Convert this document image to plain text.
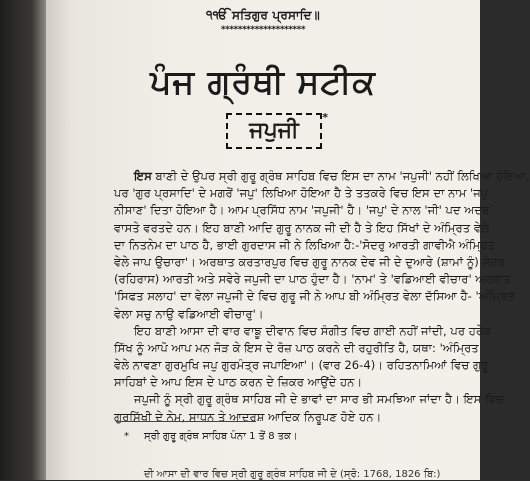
੧ੴ ਸਤਿਗੁਰ ਪ੍ਰਸਾਦਿ॥
********************
ਪੰਜ ਗ੍ਰੰਥੀ ਸਟੀਕ
ਜਪੁਜੀ
*
ਇਸ ਬਾਣੀ ਦੇ ਉਪਰ ਸ੍ਰੀ ਗੁਰੂ ਗ੍ਰੰਥ ਸਾਹਿਬ ਵਿਚ ਇਸ ਦਾ ਨਾਮ 'ਜਪੁਜੀ' ਨਹੀਂ ਲਿਖਿਆ ਹੋਇਆ,
ਪਰ 'ਗੁਰ ਪ੍ਰਸਾਦਿ' ਦੇ ਮਗਰੋਂ 'ਜਪੁ' ਲਿਖਿਆ ਹੋਇਆ ਹੈ ਤੇ ਤਤਕਰੇ ਵਿਚ ਇਸ ਦਾ ਨਾਮ 'ਜਪੁ
ਨੀਸਾਣ' ਦਿਤਾ ਹੋਇਆ ਹੈ। ਆਮ ਪ੍ਰਸਿੱਧ ਨਾਮ 'ਜਪੁਜੀ' ਹੈ। 'ਜਪੁ' ਦੇ ਨਾਲ 'ਜੀ' ਪਦ ਅਦਬ
ਵਾਸਤੇ ਵਰਤਦੇ ਹਨ। ਇਹ ਬਾਣੀ ਆਦਿ ਗੁਰੂ ਨਾਨਕ ਜੀ ਦੀ ਹੈ ਤੇ ਇਹ ਸਿੱਖਾਂ ਦੇ ਅੰਮ੍ਰਿਤ ਵੇਲੇ
ਦਾ ਨਿਤਨੇਮ ਦਾ ਪਾਠ ਹੈ, ਭਾਈ ਗੁਰਦਾਸ ਜੀ ਨੇ ਲਿਖਿਆ ਹੈ:-'ਸੋਦਰੁ ਆਰਤੀ ਗਾਵੀਐ ਅੰਮ੍ਰਿਤ
ਵੇਲੇ ਜਾਪ ਉਚਾਰਾ'। ਅਰਥਾਤ ਕਰਤਾਰਪੁਰ ਵਿਚ ਗੁਰੂ ਨਾਨਕ ਦੇਵ ਜੀ ਦੇ ਦੁਆਰੇ (ਸ਼ਾਮਾਂ ਨੂੰ) ਸੋਦਰ
(ਰਹਿਰਾਸ) ਆਰਤੀ ਅਤੇ ਸਵੇਰੇ ਜਪੁਜੀ ਦਾ ਪਾਠ ਹੁੰਦਾ ਹੈ। 'ਨਾਮ' ਤੇ 'ਵਡਿਆਈ ਵੀਚਾਰ' ਅਰਥਾਤ
'ਸਿਫਤ ਸਲਾਹ' ਦਾ ਵੇਲਾ ਜਪੁਜੀ ਦੇ ਵਿਚ ਗੁਰੂ ਜੀ ਨੇ ਆਪ ਬੀ ਅੰਮ੍ਰਿਤ ਵੇਲਾ ਦੱਸਿਆ ਹੈ- 'ਅੰਮ੍ਰਿਤ
ਵੇਲਾ ਸਚੁ ਨਾਉ ਵਡਿਆਈ ਵੀਚਾਰੁ'।
ਇਹ ਬਾਣੀ ਆਸਾ ਦੀ ਵਾਰ ਵਾਙੂ ਦੀਵਾਨ ਵਿਚ ਸੰਗੀਤ ਵਿਚ ਗਾਈ ਨਹੀਂ ਜਾਂਦੀ, ਪਰ ਹਰੇਕ
ਸਿੱਖ ਨੂੰ ਆਪੋ ਆਪ ਮਨ ਜੋੜ ਕੇ ਇਸ ਦੇ ਰੋਜ਼ ਪਾਠ ਕਰਨੇ ਦੀ ਰਹੁਰੀਤਿ ਹੈ, ਯਥਾ: 'ਅੰਮ੍ਰਿਤ
ਵੇਲੇ ਨਾਵਣਾ ਗੁਰਮੁਖਿ ਜਪੁ ਗੁਰਮੰਤ੍ਰ ਜਪਾਇਆ'। (ਵਾਰ 26-4)। ਰਹਿਤਨਾਮਿਆਂ ਵਿਚ ਗੁਰੂ
ਸਾਹਿਬਾਂ ਦੇ ਆਪ ਇਸ ਦੇ ਪਾਠ ਕਰਨ ਦੇ ਜ਼ਿਕਰ ਆਉਂਦੇ ਹਨ।
ਜਪੁਜੀ ਨੂੰ ਸ੍ਰੀ ਗੁਰੂ ਗ੍ਰੰਥ ਸਾਹਿਬ ਜੀ ਦੇ ਭਾਵਾਂ ਦਾ ਸਾਰ ਭੀ ਸਮਝਿਆ ਜਾਂਦਾ ਹੈ। ਇਸ ਵਿਚ
ਗੁਰਸਿੱਖੀ ਦੇ ਨੇਮ, ਸਾਧਨ ਤੇ ਆਦਰਸ਼ ਆਦਿਕ ਨਿਰੂਪਣ ਹੋਏ ਹਨ।
* ਸ੍ਰੀ ਗੁਰੂ ਗ੍ਰੰਥ ਸਾਹਿਬ ਪੰਨਾ 1 ਤੋਂ 8 ਤਕ।
ਦੀ ਆਸਾ ਦੀ ਵਾਰ ਵਿਚ ਸ੍ਰੀ ਗੁਰੂ ਗ੍ਰੰਥ ਸਾਹਿਬ ਜੀ ਦੇ (ਸ੍ਰੋ: 1768, 1826 ਬਿ:)
